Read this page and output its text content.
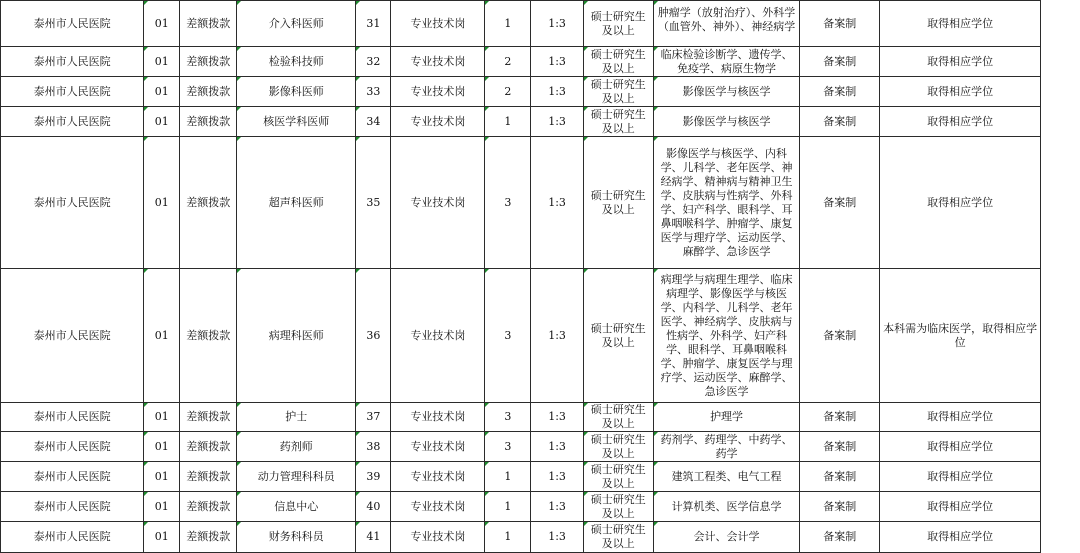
泰州市人民医院	01	差额拨款	介入科医师	31	专业技术岗	1	1:3	硕士研究生及以上	肿瘤学（放射治疗）、外科学（血管外、神外）、神经病学	备案制	取得相应学位
泰州市人民医院	01	差额拨款	检验科技师	32	专业技术岗	2	1:3	硕士研究生及以上	临床检验诊断学、遗传学、免疫学、病原生物学	备案制	取得相应学位
泰州市人民医院	01	差额拨款	影像科医师	33	专业技术岗	2	1:3	硕士研究生及以上	影像医学与核医学	备案制	取得相应学位
泰州市人民医院	01	差额拨款	核医学科医师	34	专业技术岗	1	1:3	硕士研究生及以上	影像医学与核医学	备案制	取得相应学位
泰州市人民医院	01	差额拨款	超声科医师	35	专业技术岗	3	1:3	硕士研究生及以上	影像医学与核医学、内科学、儿科学、老年医学、神经病学、精神病与精神卫生学、皮肤病与性病学、外科学、妇产科学、眼科学、耳鼻咽喉科学、肿瘤学、康复医学与理疗学、运动医学、麻醉学、急诊医学	备案制	取得相应学位
泰州市人民医院	01	差额拨款	病理科医师	36	专业技术岗	3	1:3	硕士研究生及以上	病理学与病理生理学、临床病理学、影像医学与核医学、内科学、儿科学、老年医学、神经病学、皮肤病与性病学、外科学、妇产科学、眼科学、耳鼻咽喉科学、肿瘤学、康复医学与理疗学、运动医学、麻醉学、急诊医学	备案制	本科需为临床医学，取得相应学位
泰州市人民医院	01	差额拨款	护士	37	专业技术岗	3	1:3	硕士研究生及以上	护理学	备案制	取得相应学位
泰州市人民医院	01	差额拨款	药剂师	38	专业技术岗	3	1:3	硕士研究生及以上	药剂学、药理学、中药学、药学	备案制	取得相应学位
泰州市人民医院	01	差额拨款	动力管理科科员	39	专业技术岗	1	1:3	硕士研究生及以上	建筑工程类、电气工程	备案制	取得相应学位
泰州市人民医院	01	差额拨款	信息中心	40	专业技术岗	1	1:3	硕士研究生及以上	计算机类、医学信息学	备案制	取得相应学位
泰州市人民医院	01	差额拨款	财务科科员	41	专业技术岗	1	1:3	硕士研究生及以上	会计、会计学	备案制	取得相应学位
